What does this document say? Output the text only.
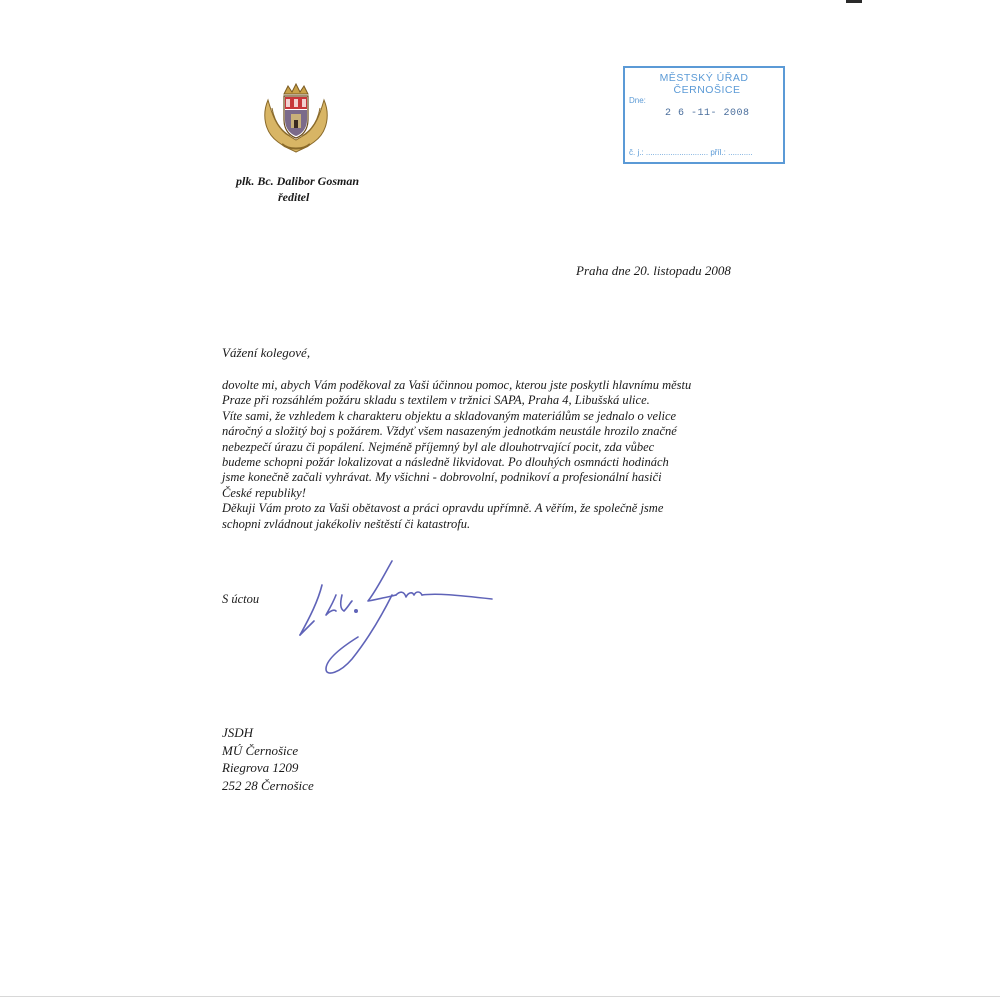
plk. Bc. Dalibor Gosman
ředitel
MĚSTSKÝ ÚŘAD
ČERNOŠICE
Dne:
2 6 -11- 2008
č. j.: ............................ příl.: ...........
Praha dne 20. listopadu 2008
Vážení kolegové,
dovolte mi, abych Vám poděkoval za Vaši účinnou pomoc, kterou jste poskytli hlavnímu městu
Praze při rozsáhlém požáru skladu s textilem v tržnici SAPA, Praha 4, Libušská ulice.
Víte sami, že vzhledem k charakteru objektu a skladovaným materiálům se jednalo o velice
náročný a složitý boj s požárem. Vždyť všem nasazeným jednotkám neustále hrozilo značné
nebezpečí úrazu či popálení. Nejméně příjemný byl ale dlouhotrvající pocit, zda vůbec
budeme schopni požár lokalizovat a následně likvidovat. Po dlouhých osmnácti hodinách
jsme konečně začali vyhrávat. My všichni - dobrovolní, podnikoví a profesionální hasiči
České republiky!
Děkuji Vám proto za Vaši obětavost a práci opravdu upřímně. A věřím, že společně jsme
schopni zvládnout jakékoliv neštěstí či katastrofu.
S úctou
JSDH
MÚ Černošice
Riegrova 1209
252 28 Černošice
